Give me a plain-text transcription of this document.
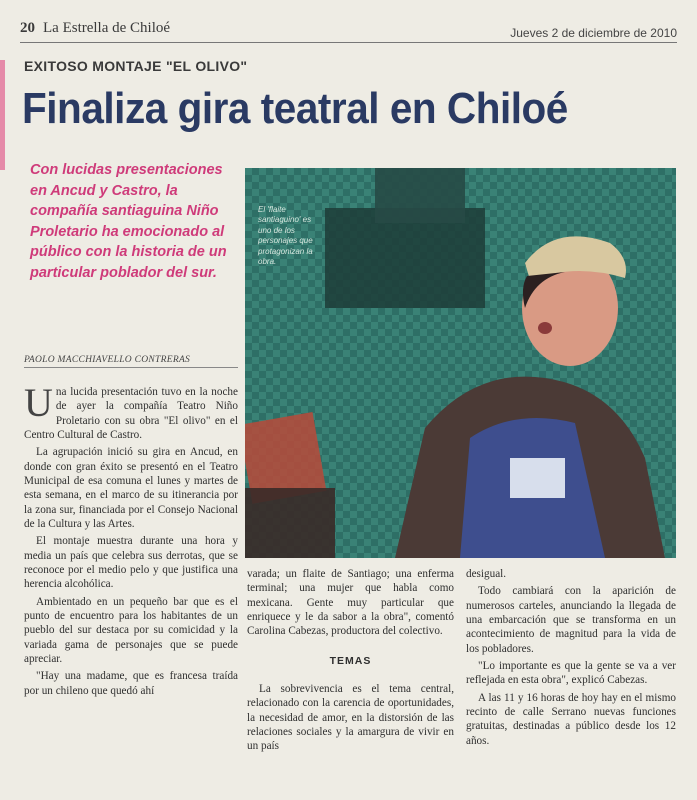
20 La Estrella de Chiloé	Jueves 2 de diciembre de 2010
EXITOSO MONTAJE "EL OLIVO"
Finaliza gira teatral en Chiloé
Con lucidas presentaciones en Ancud y Castro, la compañía santiaguina Niño Proletario ha emocionado al público con la historia de un particular poblador del sur.
PAOLO MACCHIAVELLO CONTRERAS
El 'flaite santiaguino' es uno de los personajes que protagonizan la obra.

Una lucida presentación tuvo en la noche de ayer la compañía Teatro Niño Proletario con su obra "El olivo" en el Centro Cultural de Castro.

La agrupación inició su gira en Ancud, en donde con gran éxito se presentó en el Teatro Municipal de esa comuna el lunes y martes de esta semana, en el marco de su itinerancia por la zona sur, financiada por el Consejo Nacional de la Cultura y las Artes.

El montaje muestra durante una hora y media un país que celebra sus derrotas, que se reconoce por el medio pelo y que justifica una herencia alcohólica.

Ambientado en un pequeño bar que es el punto de encuentro para los habitantes de un pueblo del sur destaca por su comicidad y la variada gama de personajes que se puede apreciar.

"Hay una madame, que es francesa traída por un chileno que quedó ahí

varada; un flaite de Santiago; una enferma terminal; una mujer que habla como mexicana. Gente muy particular que enriquece y le da sabor a la obra", comentó Carolina Cabezas, productora del colectivo.

TEMAS

La sobrevivencia es el tema central, relacionado con la carencia de oportunidades, la necesidad de amor, en la distorsión de las relaciones sociales y la amargura de vivir en un país

desigual.

Todo cambiará con la aparición de numerosos carteles, anunciando la llegada de una embarcación que se transforma en un acontecimiento de magnitud para la vida de los pobladores.

"Lo importante es que la gente se va a ver reflejada en esta obra", explicó Cabezas.

A las 11 y 16 horas de hoy hay en el mismo recinto de calle Serrano nuevas funciones gratuitas, destinadas a público desde los 12 años.
